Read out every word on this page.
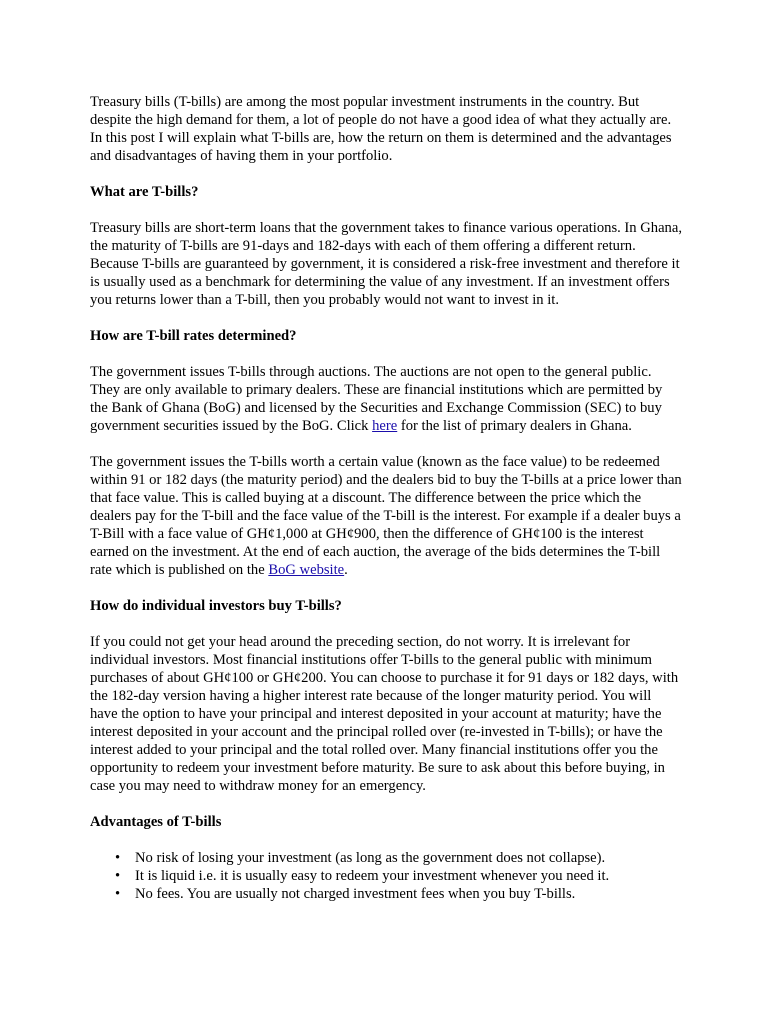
Treasury bills (T-bills) are among the most popular investment instruments in the country. But despite the high demand for them, a lot of people do not have a good idea of what they actually are. In this post I will explain what T-bills are, how the return on them is determined and the advantages and disadvantages of having them in your portfolio.

What are T-bills?

Treasury bills are short-term loans that the government takes to finance various operations. In Ghana, the maturity of T-bills are 91-days and 182-days with each of them offering a different return. Because T-bills are guaranteed by government, it is considered a risk-free investment and therefore it is usually used as a benchmark for determining the value of any investment. If an investment offers you returns lower than a T-bill, then you probably would not want to invest in it.

How are T-bill rates determined?

The government issues T-bills through auctions. The auctions are not open to the general public. They are only available to primary dealers. These are financial institutions which are permitted by the Bank of Ghana (BoG) and licensed by the Securities and Exchange Commission (SEC) to buy government securities issued by the BoG. Click here for the list of primary dealers in Ghana.

The government issues the T-bills worth a certain value (known as the face value) to be redeemed within 91 or 182 days (the maturity period) and the dealers bid to buy the T-bills at a price lower than that face value. This is called buying at a discount. The difference between the price which the dealers pay for the T-bill and the face value of the T-bill is the interest. For example if a dealer buys a T-Bill with a face value of GH¢1,000 at GH¢900, then the difference of GH¢100 is the interest earned on the investment. At the end of each auction, the average of the bids determines the T-bill rate which is published on the BoG website.

How do individual investors buy T-bills?

If you could not get your head around the preceding section, do not worry. It is irrelevant for individual investors. Most financial institutions offer T-bills to the general public with minimum purchases of about GH¢100 or GH¢200. You can choose to purchase it for 91 days or 182 days, with the 182-day version having a higher interest rate because of the longer maturity period. You will have the option to have your principal and interest deposited in your account at maturity; have the interest deposited in your account and the principal rolled over (re-invested in T-bills); or have the interest added to your principal and the total rolled over. Many financial institutions offer you the opportunity to redeem your investment before maturity. Be sure to ask about this before buying, in case you may need to withdraw money for an emergency.

Advantages of T-bills
• No risk of losing your investment (as long as the government does not collapse).
• It is liquid i.e. it is usually easy to redeem your investment whenever you need it.
• No fees. You are usually not charged investment fees when you buy T-bills.
